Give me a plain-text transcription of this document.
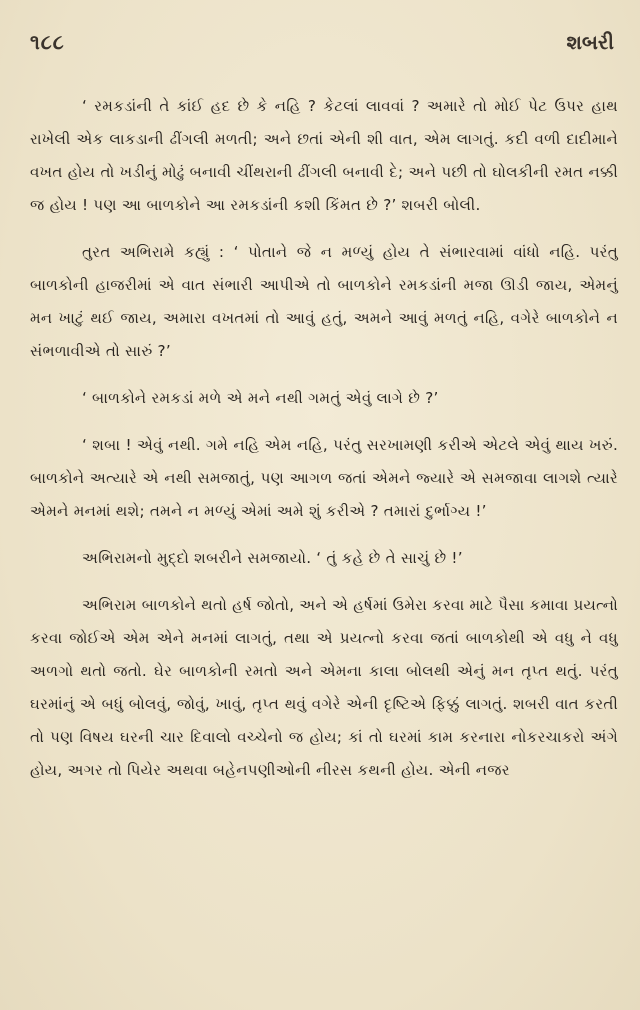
૧૮૮	શબરી

‘ રમકડાંની તે કાંઈ હદ છે કે નહિ ? કેટલાં લાવવાં ? અમારે તો મોઈ પેટ ઉપર હાથ રાખેલી એક લાકડાની ઢીંગલી મળતી; અને છતાં એની શી વાત, એમ લાગતું. કદી વળી દાદીમાને વખત હોય તો ખડીનું મોઢું બનાવી ચીંથરાની ઢીંગલી બનાવી દે; અને પછી તો ઘોલકીની રમત નક્કી જ હોય ! પણ આ બાળકોને આ રમકડાંની કશી કિંમત છે ?’ શબરી બોલી.

તુરત અભિરામે કહ્યું : ‘ પોતાને જે ન મળ્યું હોય તે સંભારવામાં વાંધો નહિ. પરંતુ બાળકોની હાજરીમાં એ વાત સંભારી આપીએ તો બાળકોને રમકડાંની મજા ઊડી જાય, એમનું મન ખાટું થઈ જાય, અમારા વખતમાં તો આવું હતું, અમને આવું મળતું નહિ, વગેરે બાળકોને ન સંભળાવીએ તો સારું ?’

‘ બાળકોને રમકડાં મળે એ મને નથી ગમતું એવું લાગે છે ?’

‘ શબા ! એવું નથી. ગમે નહિ એમ નહિ, પરંતુ સરખામણી કરીએ એટલે એવું થાય ખરું. બાળકોને અત્યારે એ નથી સમજાતું, પણ આગળ જતાં એમને જ્યારે એ સમજાવા લાગશે ત્યારે એમને મનમાં થશે; તમને ન મળ્યું એમાં અમે શું કરીએ ? તમારાં દુર્ભાગ્ય !’

અભિરામનો મુદ્દો શબરીને સમજાયો. ‘ તું કહે છે તે સાચું છે !’

અભિરામ બાળકોને થતો હર્ષ જોતો, અને એ હર્ષમાં ઉમેરા કરવા માટે પૈસા કમાવા પ્રયત્નો કરવા જોઈએ એમ એને મનમાં લાગતું, તથા એ પ્રયત્નો કરવા જતાં બાળકોથી એ વધુ ને વધુ અળગો થતો જતો. ઘેર બાળકોની રમતો અને એમના કાલા બોલથી એનું મન તૃપ્ત થતું. પરંતુ ઘરમાંનું એ બધું બોલવું, જોવું, ખાવું, તૃપ્ત થવું વગેરે એની દૃષ્ટિએ ફિક્કું લાગતું. શબરી વાત કરતી તો પણ વિષય ઘરની ચાર દિવાલો વચ્ચેનો જ હોય; કાં તો ઘરમાં કામ કરનારા નોકરચાકરો અંગે હોય, અગર તો પિયેર અથવા બહેનપણીઓની નીરસ કથની હોય. એની નજર
